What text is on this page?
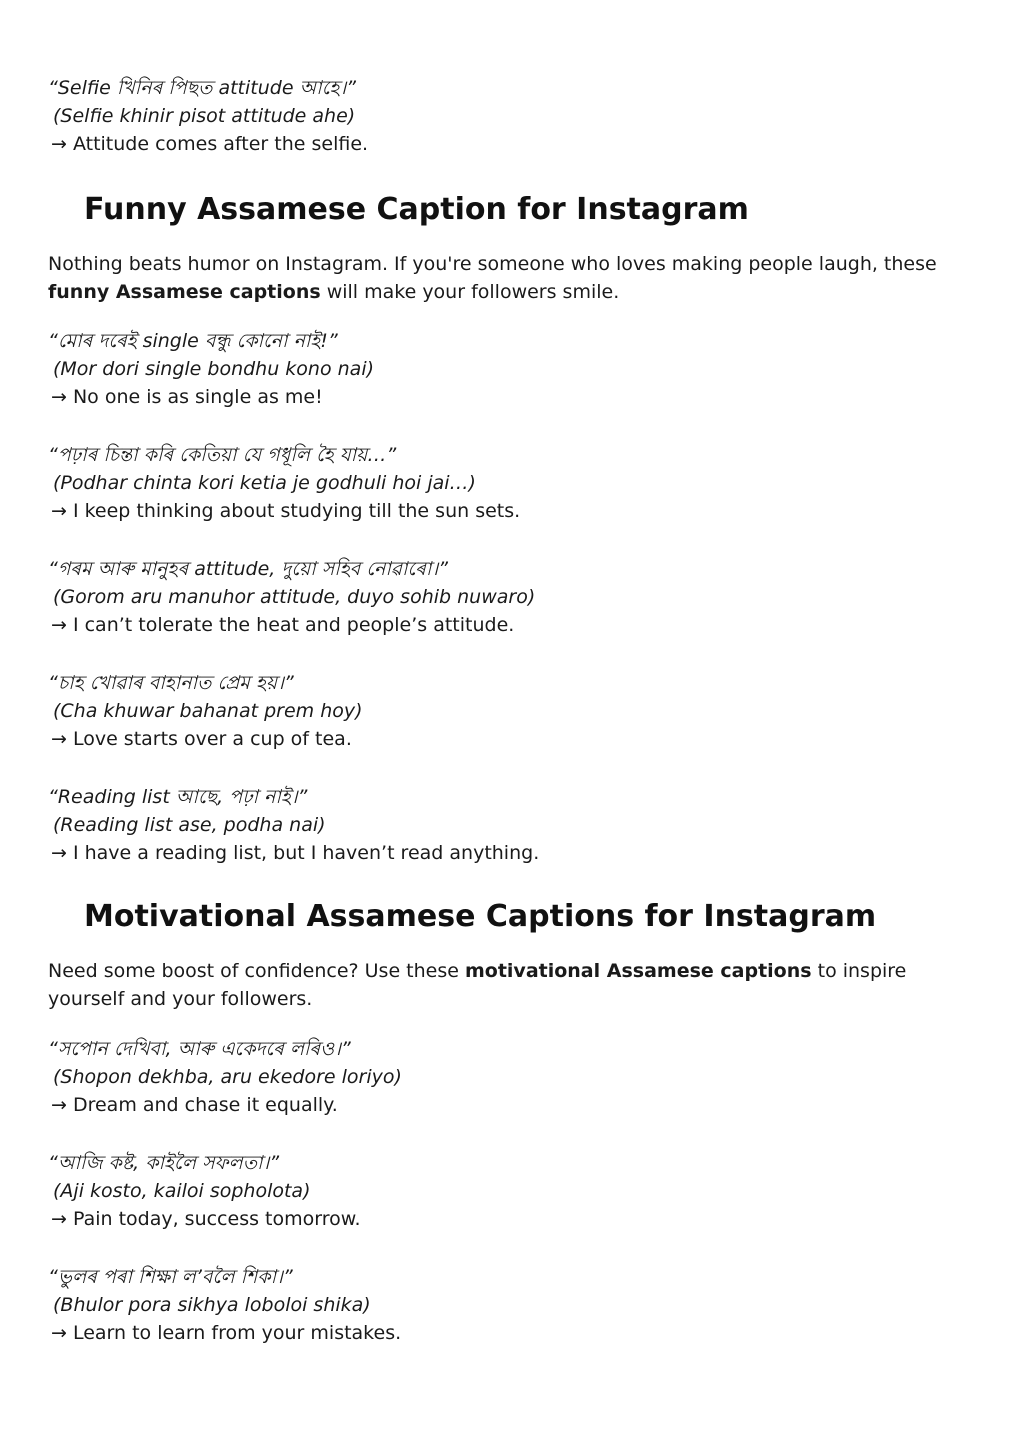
“Selfie খিনিৰ পিছত attitude আহে।”
(Selfie khinir pisot attitude ahe)
→ Attitude comes after the selfie.
Funny Assamese Caption for Instagram

Nothing beats humor on Instagram. If you're someone who loves making people laugh, these funny Assamese captions will make your followers smile.

“মোৰ দৰেই single বন্ধু কোনো নাই!”
(Mor dori single bondhu kono nai)
→ No one is as single as me!
“পঢ়াৰ চিন্তা কৰি কেতিয়া যে গধূলি হৈ যায়…”
(Podhar chinta kori ketia je godhuli hoi jai…)
→ I keep thinking about studying till the sun sets.
“গৰম আৰু মানুহৰ attitude, দুয়ো সহিব নোৱাৰো।”
(Gorom aru manuhor attitude, duyo sohib nuwaro)
→ I can’t tolerate the heat and people’s attitude.
“চাহ খোৱাৰ বাহানাত প্ৰেম হয়।”
(Cha khuwar bahanat prem hoy)
→ Love starts over a cup of tea.
“Reading list আছে, পঢ়া নাই।”
(Reading list ase, podha nai)
→ I have a reading list, but I haven’t read anything.
Motivational Assamese Captions for Instagram

Need some boost of confidence? Use these motivational Assamese captions to inspire yourself and your followers.

“সপোন দেখিবা, আৰু একেদৰে লৰিও।”
(Shopon dekhba, aru ekedore loriyo)
→ Dream and chase it equally.
“আজি কষ্ট, কাইলৈ সফলতা।”
(Aji kosto, kailoi sopholota)
→ Pain today, success tomorrow.
“ভুলৰ পৰা শিক্ষা ল’বলৈ শিকা।”
(Bhulor pora sikhya loboloi shika)
→ Learn to learn from your mistakes.
